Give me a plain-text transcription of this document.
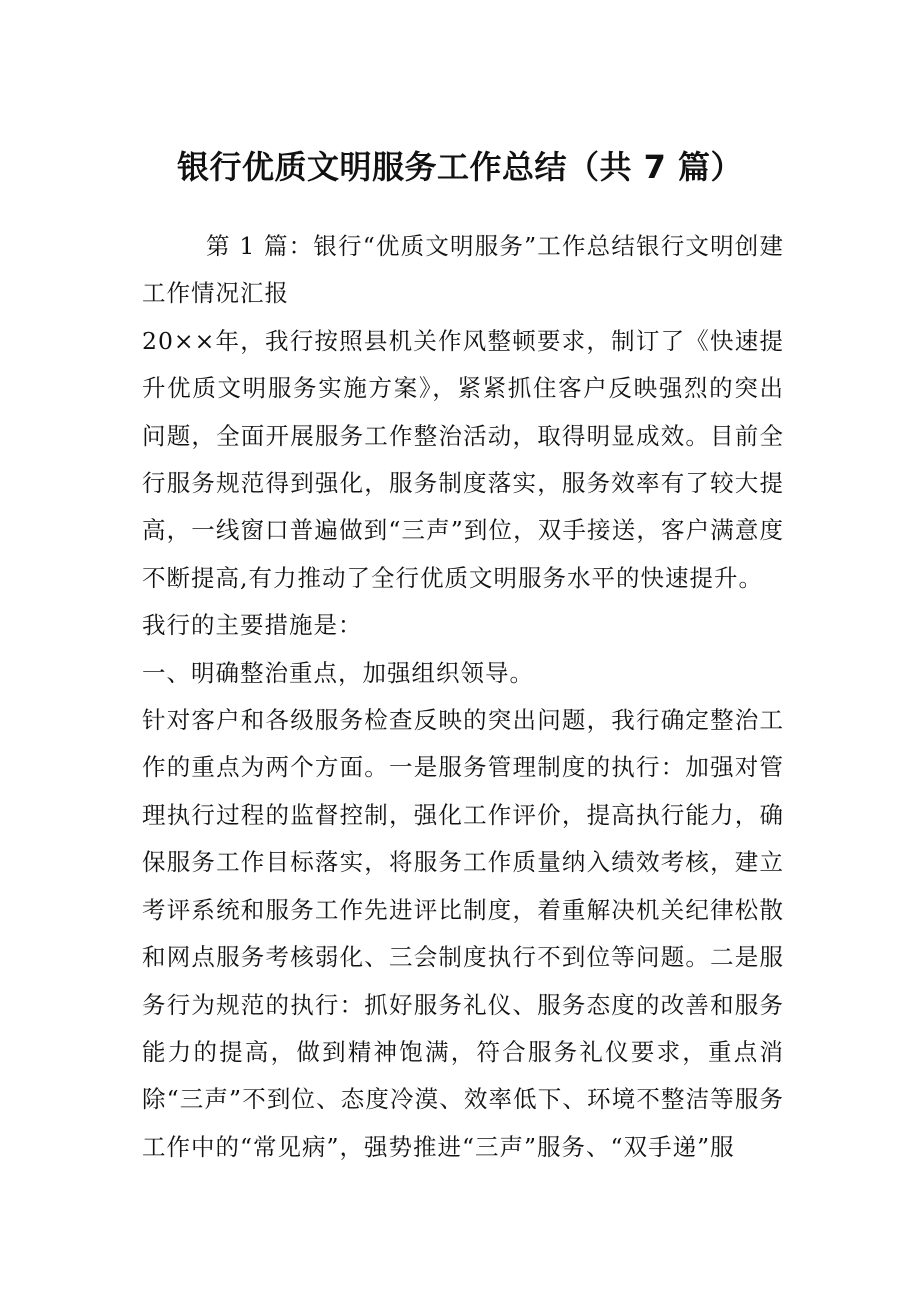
银行优质文明服务工作总结（共 7 篇）

第 1 篇：银行“优质文明服务”工作总结银行文明创建工作情况汇报

20××年，我行按照县机关作风整顿要求，制订了《快速提升优质文明服务实施方案》，紧紧抓住客户反映强烈的突出问题，全面开展服务工作整治活动，取得明显成效。目前全行服务规范得到强化，服务制度落实，服务效率有了较大提高，一线窗口普遍做到“三声”到位，双手接送，客户满意度不断提高,有力推动了全行优质文明服务水平的快速提升。

我行的主要措施是：

一、明确整治重点，加强组织领导。

针对客户和各级服务检查反映的突出问题，我行确定整治工作的重点为两个方面。一是服务管理制度的执行：加强对管理执行过程的监督控制，强化工作评价，提高执行能力，确保服务工作目标落实，将服务工作质量纳入绩效考核，建立考评系统和服务工作先进评比制度，着重解决机关纪律松散和网点服务考核弱化、三会制度执行不到位等问题。二是服务行为规范的执行：抓好服务礼仪、服务态度的改善和服务能力的提高，做到精神饱满，符合服务礼仪要求，重点消除“三声”不到位、态度冷漠、效率低下、环境不整洁等服务工作中的“常见病”，强势推进“三声”服务、“双手递”服
